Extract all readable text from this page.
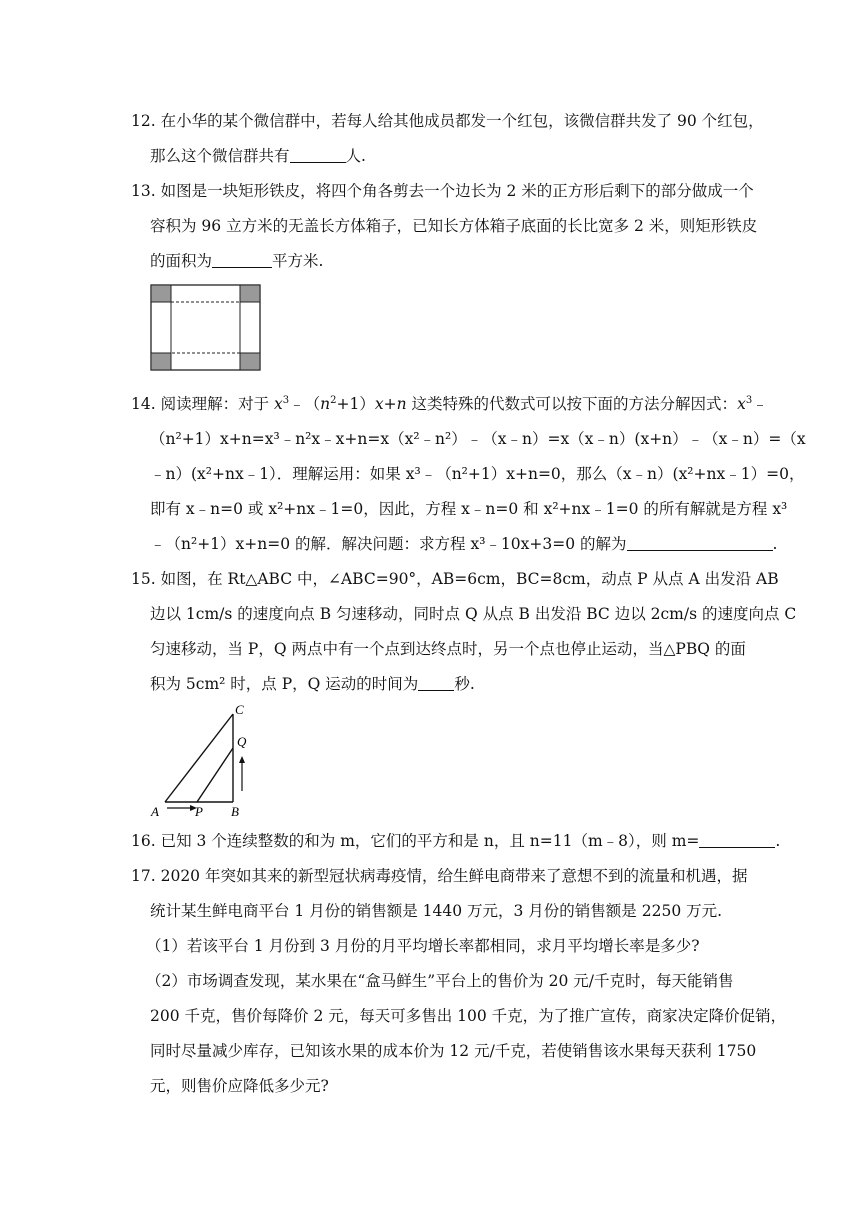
12. 在小华的某个微信群中，若每人给其他成员都发一个红包，该微信群共发了 90 个红包，
那么这个微信群共有	人.
13. 如图是一块矩形铁皮，将四个角各剪去一个边长为 2 米的正方形后剩下的部分做成一个
容积为 96 立方米的无盖长方体箱子，已知长方体箱子底面的长比宽多 2 米，则矩形铁皮
的面积为	平方米.
14. 阅读理解：对于 $x^3﹣(n^2+1)x+n$ 这类特殊的代数式可以按下面的方法分解因式：$x^3﹣$
（n²+1）x+n=x³﹣n²x﹣x+n=x（x²﹣n²）﹣（x﹣n）=x（x﹣n）(x+n）﹣（x﹣n）=（x
﹣n）(x²+nx﹣1）．理解运用：如果 x³﹣（n²+1）x+n=0，那么（x﹣n）(x²+nx﹣1）=0，
即有 x﹣n=0 或 x²+nx﹣1=0，因此，方程 x﹣n=0 和 x²+nx﹣1=0 的所有解就是方程 x³
﹣（n²+1）x+n=0 的解．解决问题：求方程 x³﹣10x+3=0 的解为	.
15. 如图，在 Rt△ABC 中，∠ABC=90°，AB=6cm，BC=8cm，动点 P 从点 A 出发沿 AB
边以 1cm/s 的速度向点 B 匀速移动，同时点 Q 从点 B 出发沿 BC 边以 2cm/s 的速度向点 C
匀速移动，当 P，Q 两点中有一个点到达终点时，另一个点也停止运动，当△PBQ 的面
积为 5cm² 时，点 P，Q 运动的时间为 秒.
A	P B
C
Q
16. 已知 3 个连续整数的和为 m，它们的平方和是 n，且 n=11（m﹣8），则 m=	.
17. 2020 年突如其来的新型冠状病毒疫情，给生鲜电商带来了意想不到的流量和机遇，据
统计某生鲜电商平台 1 月份的销售额是 1440 万元，3 月份的销售额是 2250 万元.
（1）若该平台 1 月份到 3 月份的月平均增长率都相同，求月平均增长率是多少?
（2）市场调查发现，某水果在“盒马鲜生”平台上的售价为 20 元/千克时，每天能销售
200 千克，售价每降价 2 元，每天可多售出 100 千克，为了推广宣传，商家决定降价促销，
同时尽量减少库存，已知该水果的成本价为 12 元/千克，若使销售该水果每天获利 1750
元，则售价应降低多少元?
